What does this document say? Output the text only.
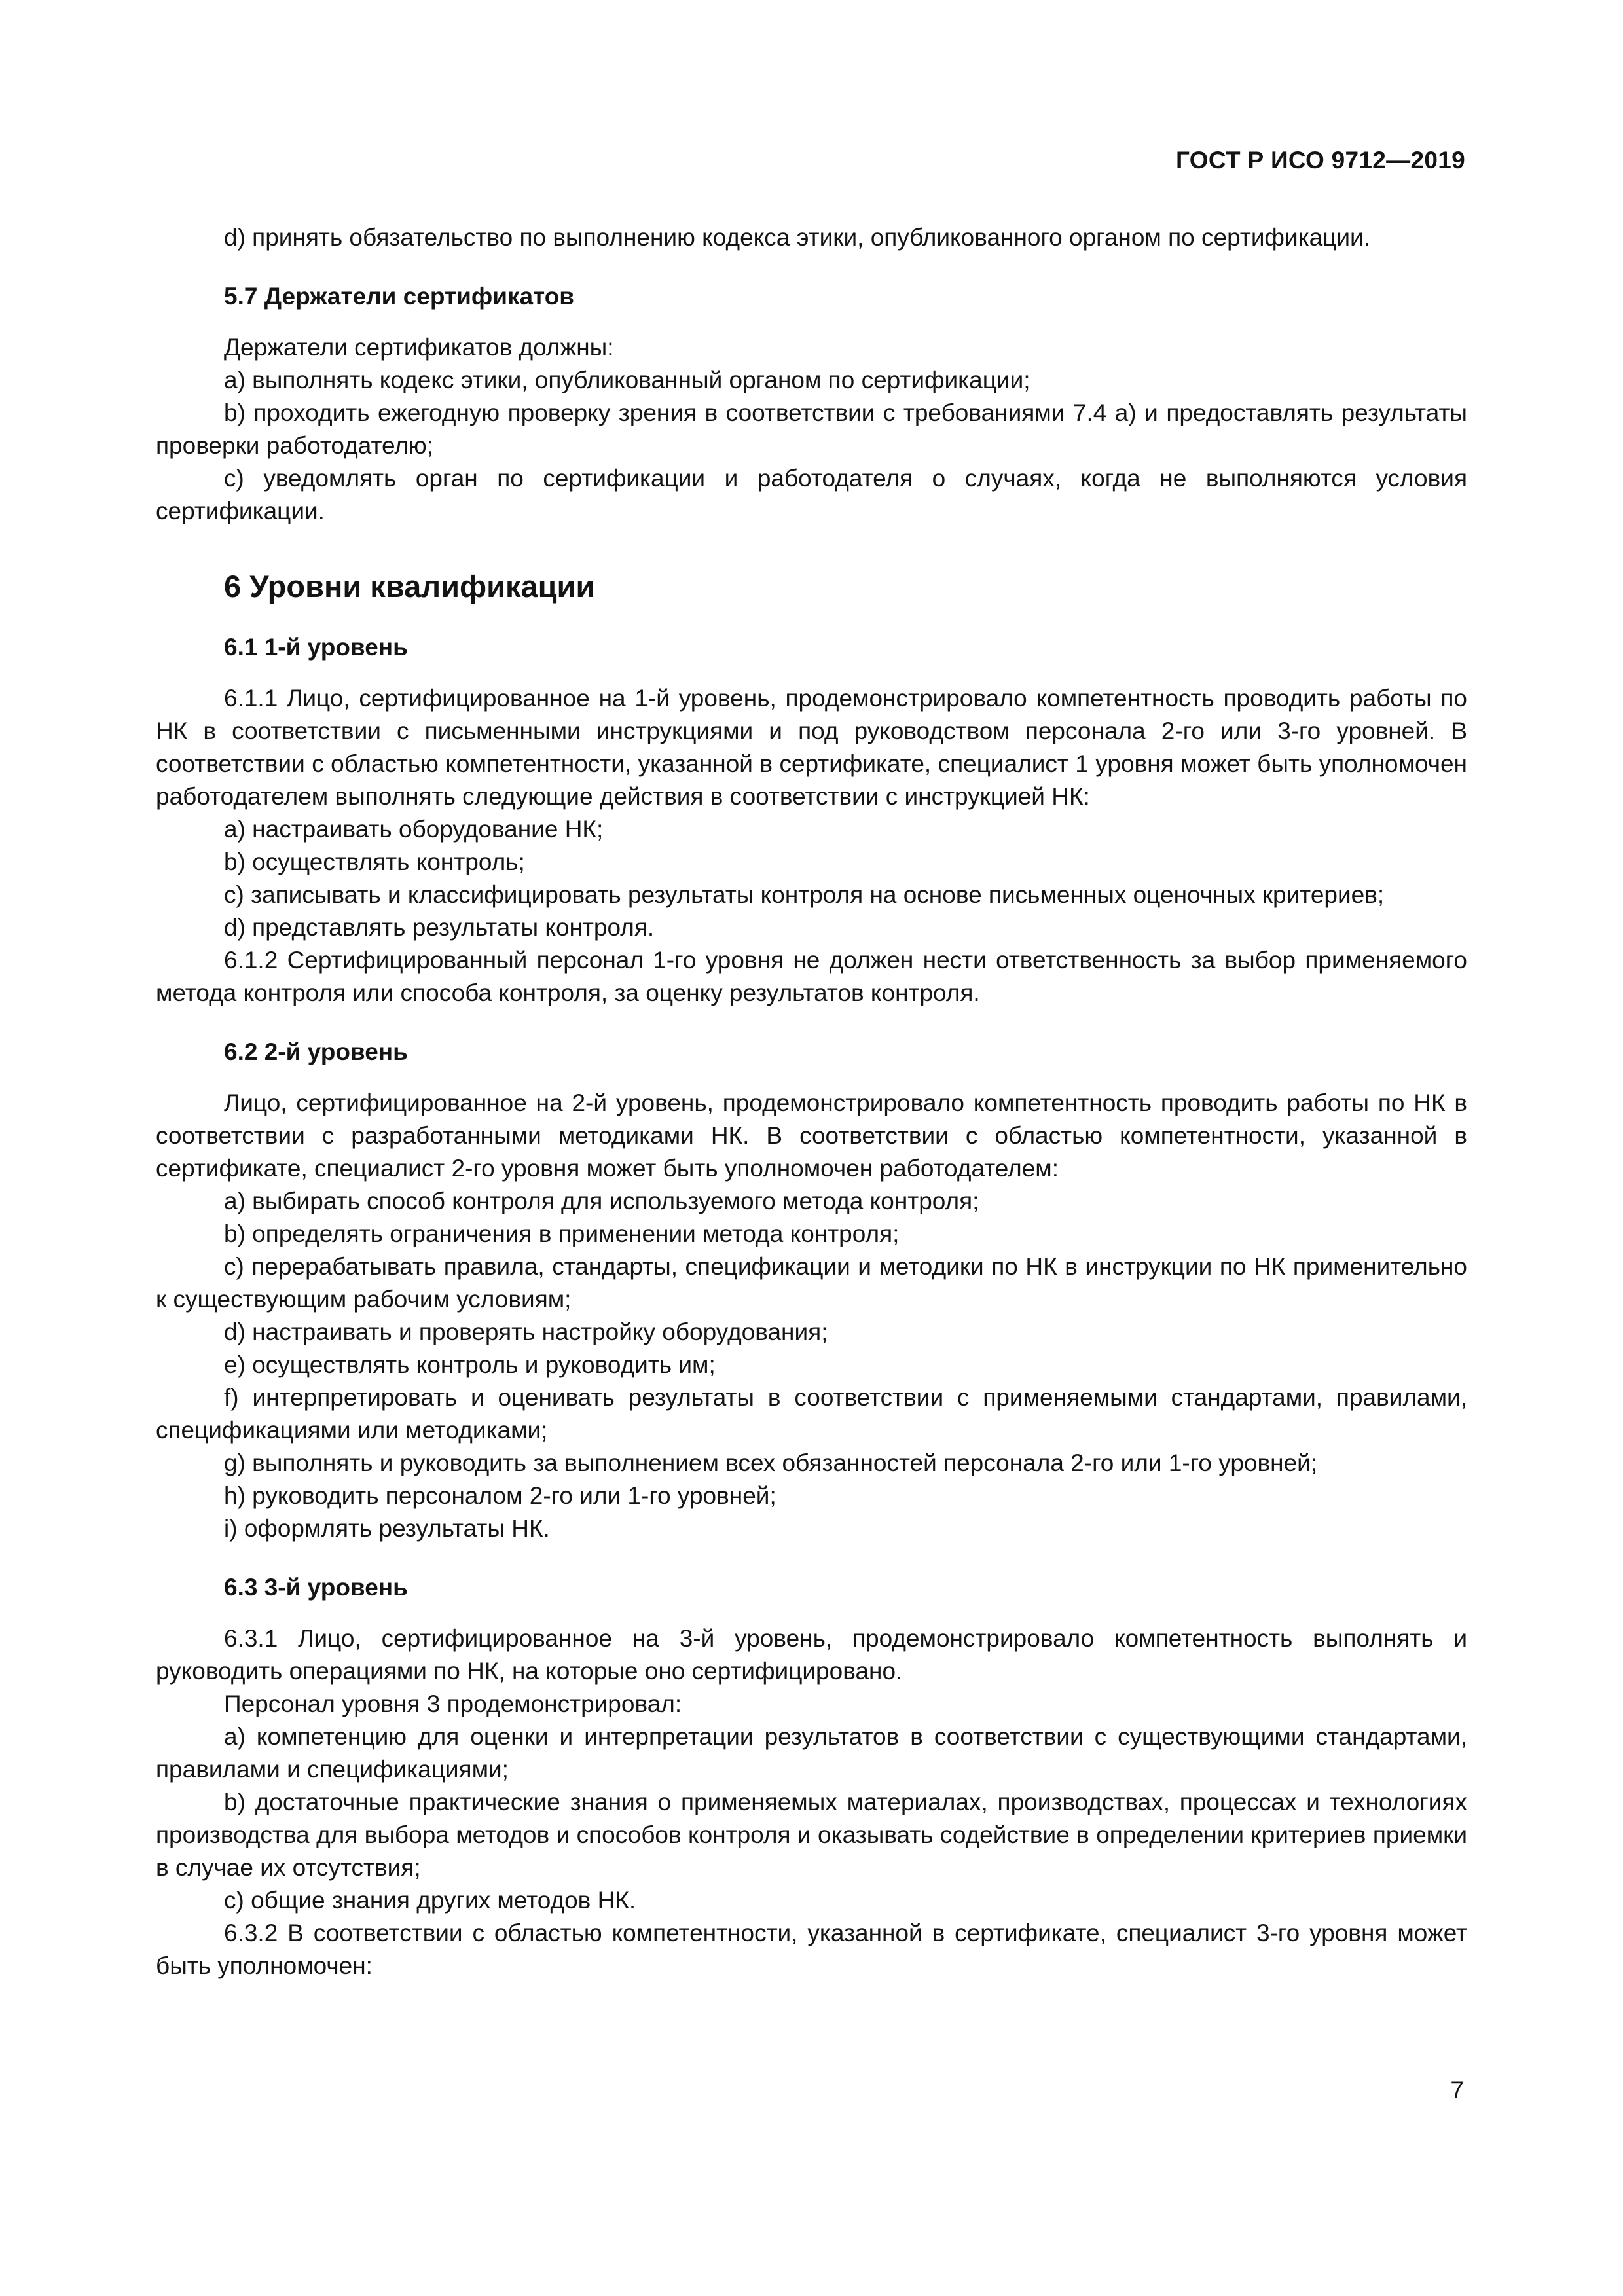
ГОСТ Р ИСО 9712—2019

d) принять обязательство по выполнению кодекса этики, опубликованного органом по сертификации.

5.7 Держатели сертификатов

Держатели сертификатов должны:

a) выполнять кодекс этики, опубликованный органом по сертификации;

b) проходить ежегодную проверку зрения в соответствии с требованиями 7.4 a) и предоставлять результаты проверки работодателю;

c) уведомлять орган по сертификации и работодателя о случаях, когда не выполняются условия сертификации.

6 Уровни квалификации
6.1 1-й уровень

6.1.1 Лицо, сертифицированное на 1-й уровень, продемонстрировало компетентность проводить работы по НК в соответствии с письменными инструкциями и под руководством персонала 2-го или 3-го уровней. В соответствии с областью компетентности, указанной в сертификате, специалист 1 уровня может быть уполномочен работодателем выполнять следующие действия в соответствии с инструкцией НК:

a) настраивать оборудование НК;

b) осуществлять контроль;

c) записывать и классифицировать результаты контроля на основе письменных оценочных критериев;

d) представлять результаты контроля.

6.1.2 Сертифицированный персонал 1-го уровня не должен нести ответственность за выбор применяемого метода контроля или способа контроля, за оценку результатов контроля.

6.2 2-й уровень

Лицо, сертифицированное на 2-й уровень, продемонстрировало компетентность проводить работы по НК в соответствии с разработанными методиками НК. В соответствии с областью компетентности, указанной в сертификате, специалист 2-го уровня может быть уполномочен работодателем:

a) выбирать способ контроля для используемого метода контроля;

b) определять ограничения в применении метода контроля;

c) перерабатывать правила, стандарты, спецификации и методики по НК в инструкции по НК применительно к существующим рабочим условиям;

d) настраивать и проверять настройку оборудования;

e) осуществлять контроль и руководить им;

f) интерпретировать и оценивать результаты в соответствии с применяемыми стандартами, правилами, спецификациями или методиками;

g) выполнять и руководить за выполнением всех обязанностей персонала 2-го или 1-го уровней;

h) руководить персоналом 2-го или 1-го уровней;

i) оформлять результаты НК.

6.3 3-й уровень

6.3.1 Лицо, сертифицированное на 3-й уровень, продемонстрировало компетентность выполнять и руководить операциями по НК, на которые оно сертифицировано.

Персонал уровня 3 продемонстрировал:

a) компетенцию для оценки и интерпретации результатов в соответствии с существующими стандартами, правилами и спецификациями;

b) достаточные практические знания о применяемых материалах, производствах, процессах и технологиях производства для выбора методов и способов контроля и оказывать содействие в определении критериев приемки в случае их отсутствия;

c) общие знания других методов НК.

6.3.2 В соответствии с областью компетентности, указанной в сертификате, специалист 3-го уровня может быть уполномочен:

7
